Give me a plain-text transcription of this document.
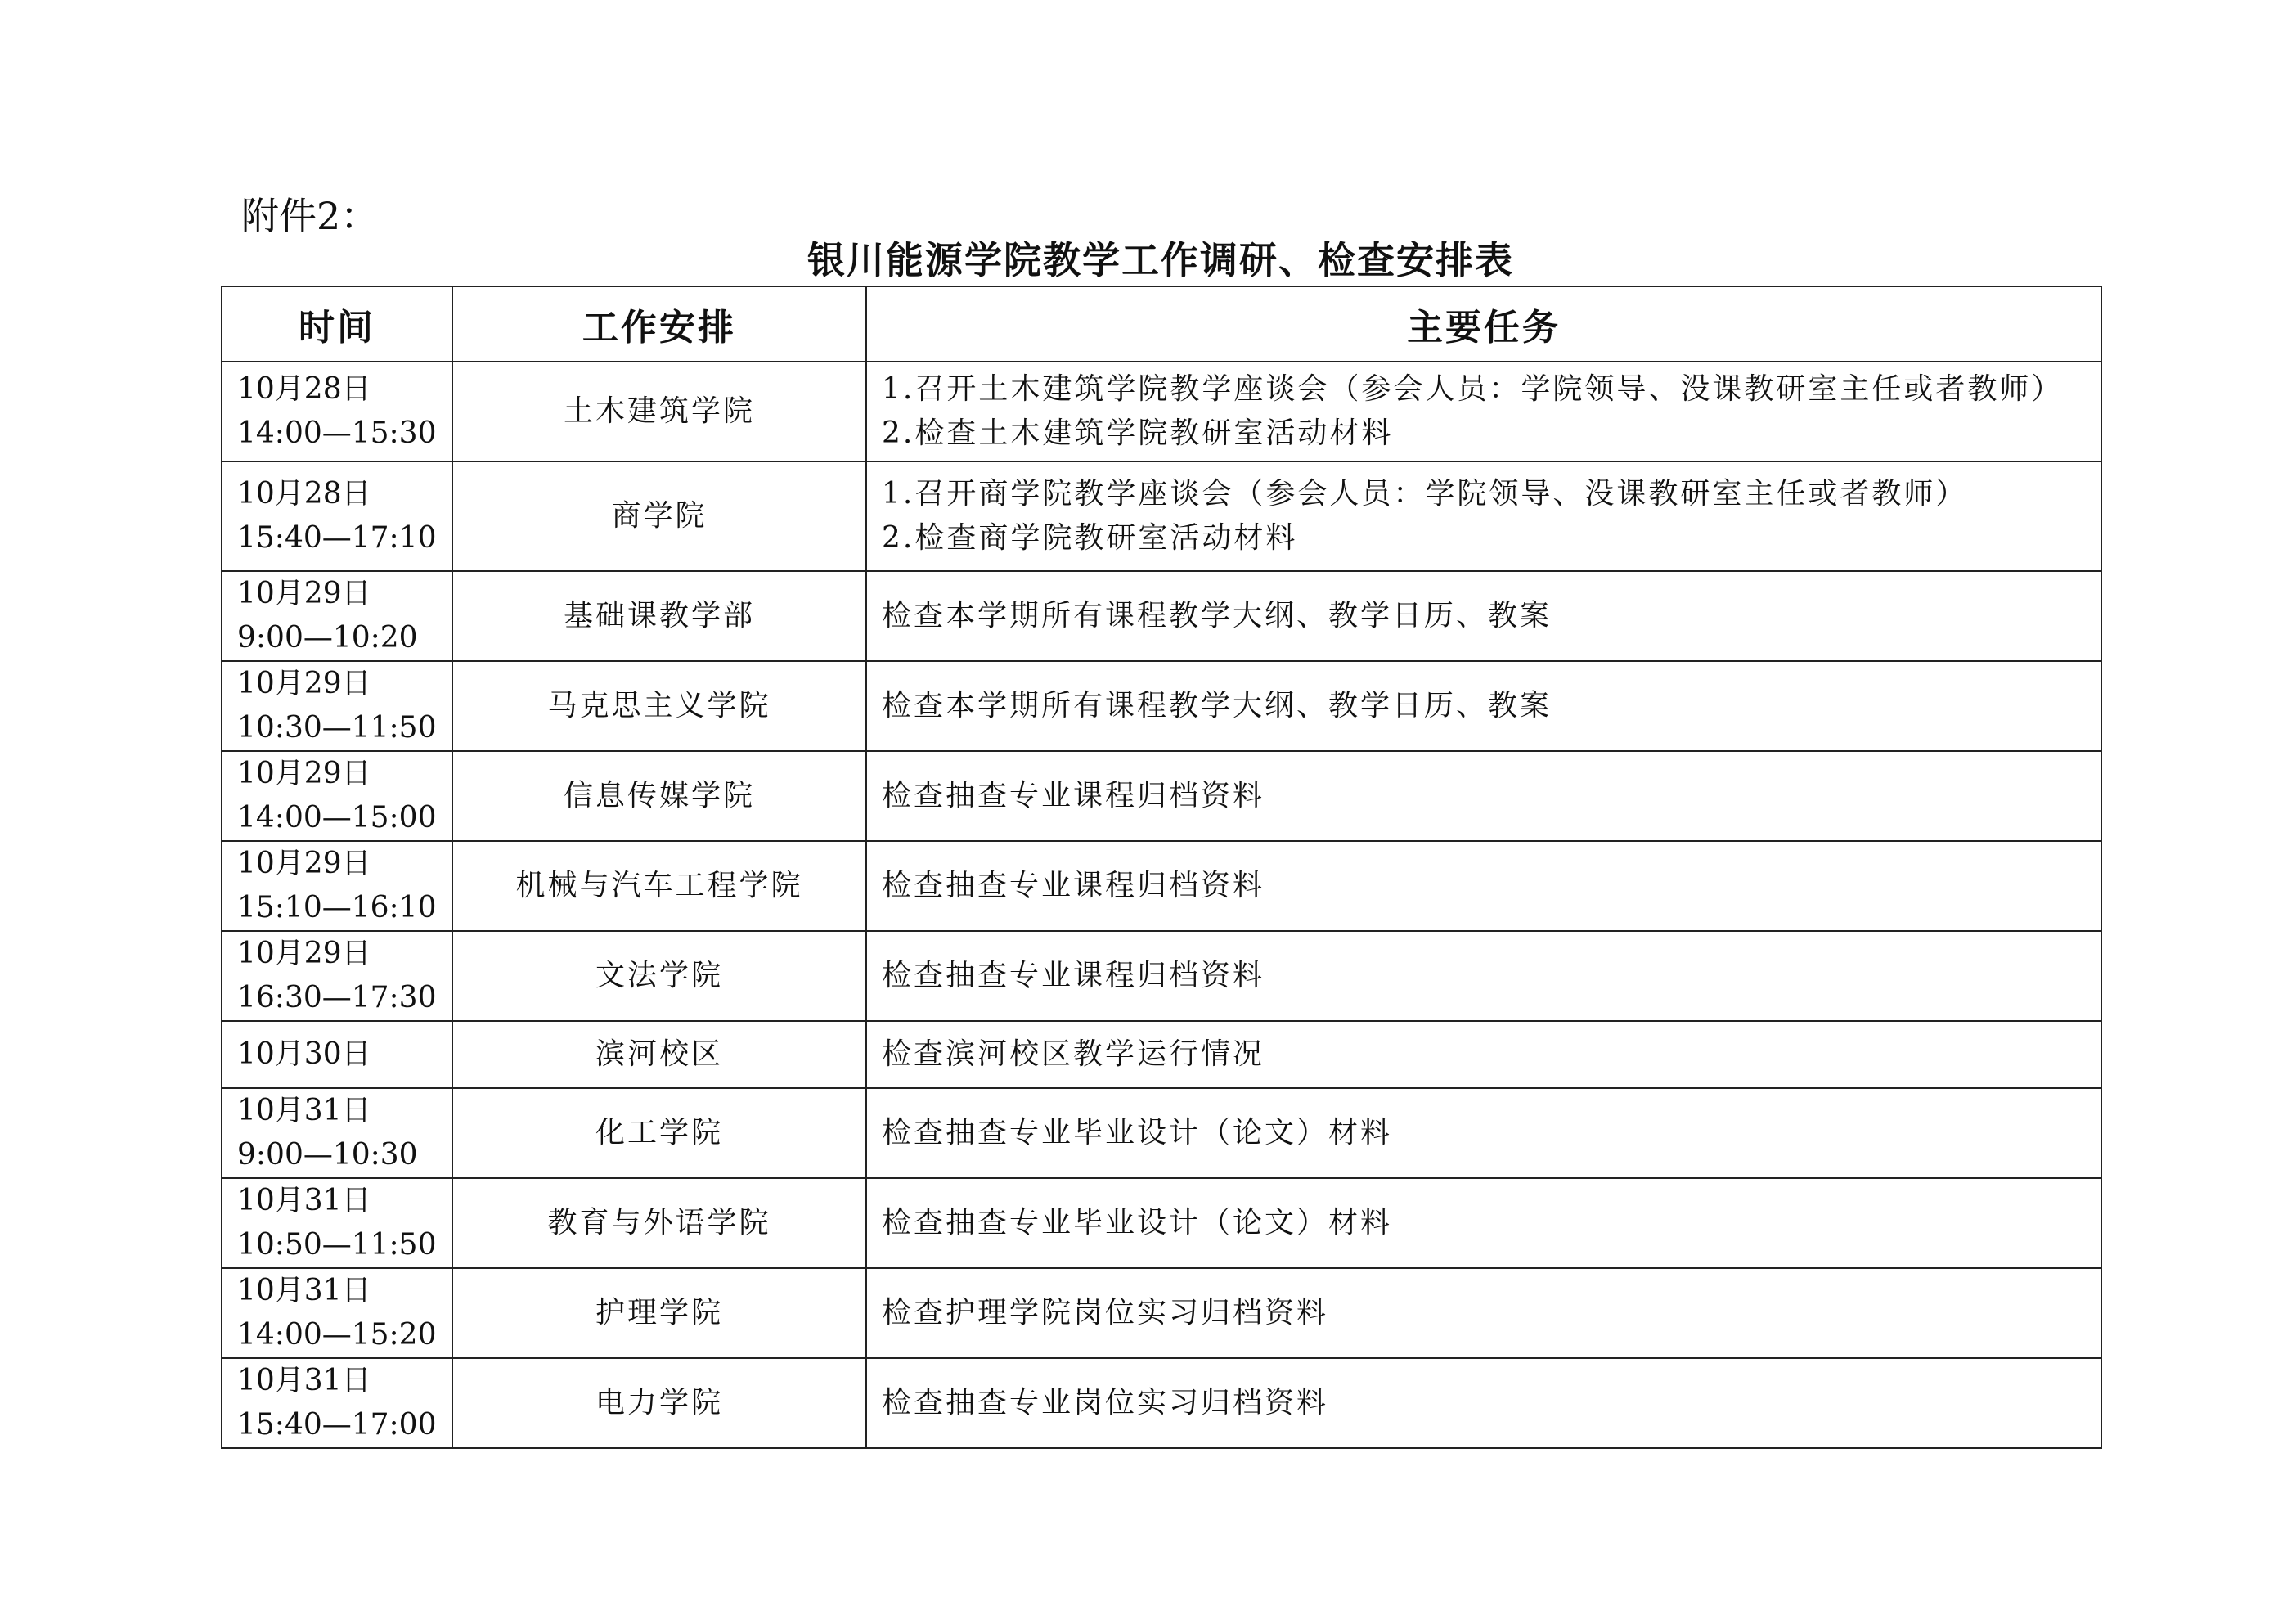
附件2：
银川能源学院教学工作调研、检查安排表
时间	工作安排	主要任务

10月28日
14:00—15:30	土木建筑学院	1.召开土木建筑学院教学座谈会（参会人员：学院领导、没课教研室主任或者教师）
2.检查土木建筑学院教研室活动材料

10月28日
15:40—17:10	商学院	1.召开商学院教学座谈会（参会人员：学院领导、没课教研室主任或者教师）
2.检查商学院教研室活动材料

10月29日
9:00—10:20	基础课教学部	检查本学期所有课程教学大纲、教学日历、教案

10月29日
10:30—11:50	马克思主义学院	检查本学期所有课程教学大纲、教学日历、教案

10月29日
14:00—15:00	信息传媒学院	检查抽查专业课程归档资料

10月29日
15:10—16:10	机械与汽车工程学院	检查抽查专业课程归档资料

10月29日
16:30—17:30	文法学院	检查抽查专业课程归档资料

10月30日	滨河校区	检查滨河校区教学运行情况

10月31日
9:00—10:30	化工学院	检查抽查专业毕业设计（论文）材料

10月31日
10:50—11:50	教育与外语学院	检查抽查专业毕业设计（论文）材料

10月31日
14:00—15:20	护理学院	检查护理学院岗位实习归档资料

10月31日
15:40—17:00	电力学院	检查抽查专业岗位实习归档资料
